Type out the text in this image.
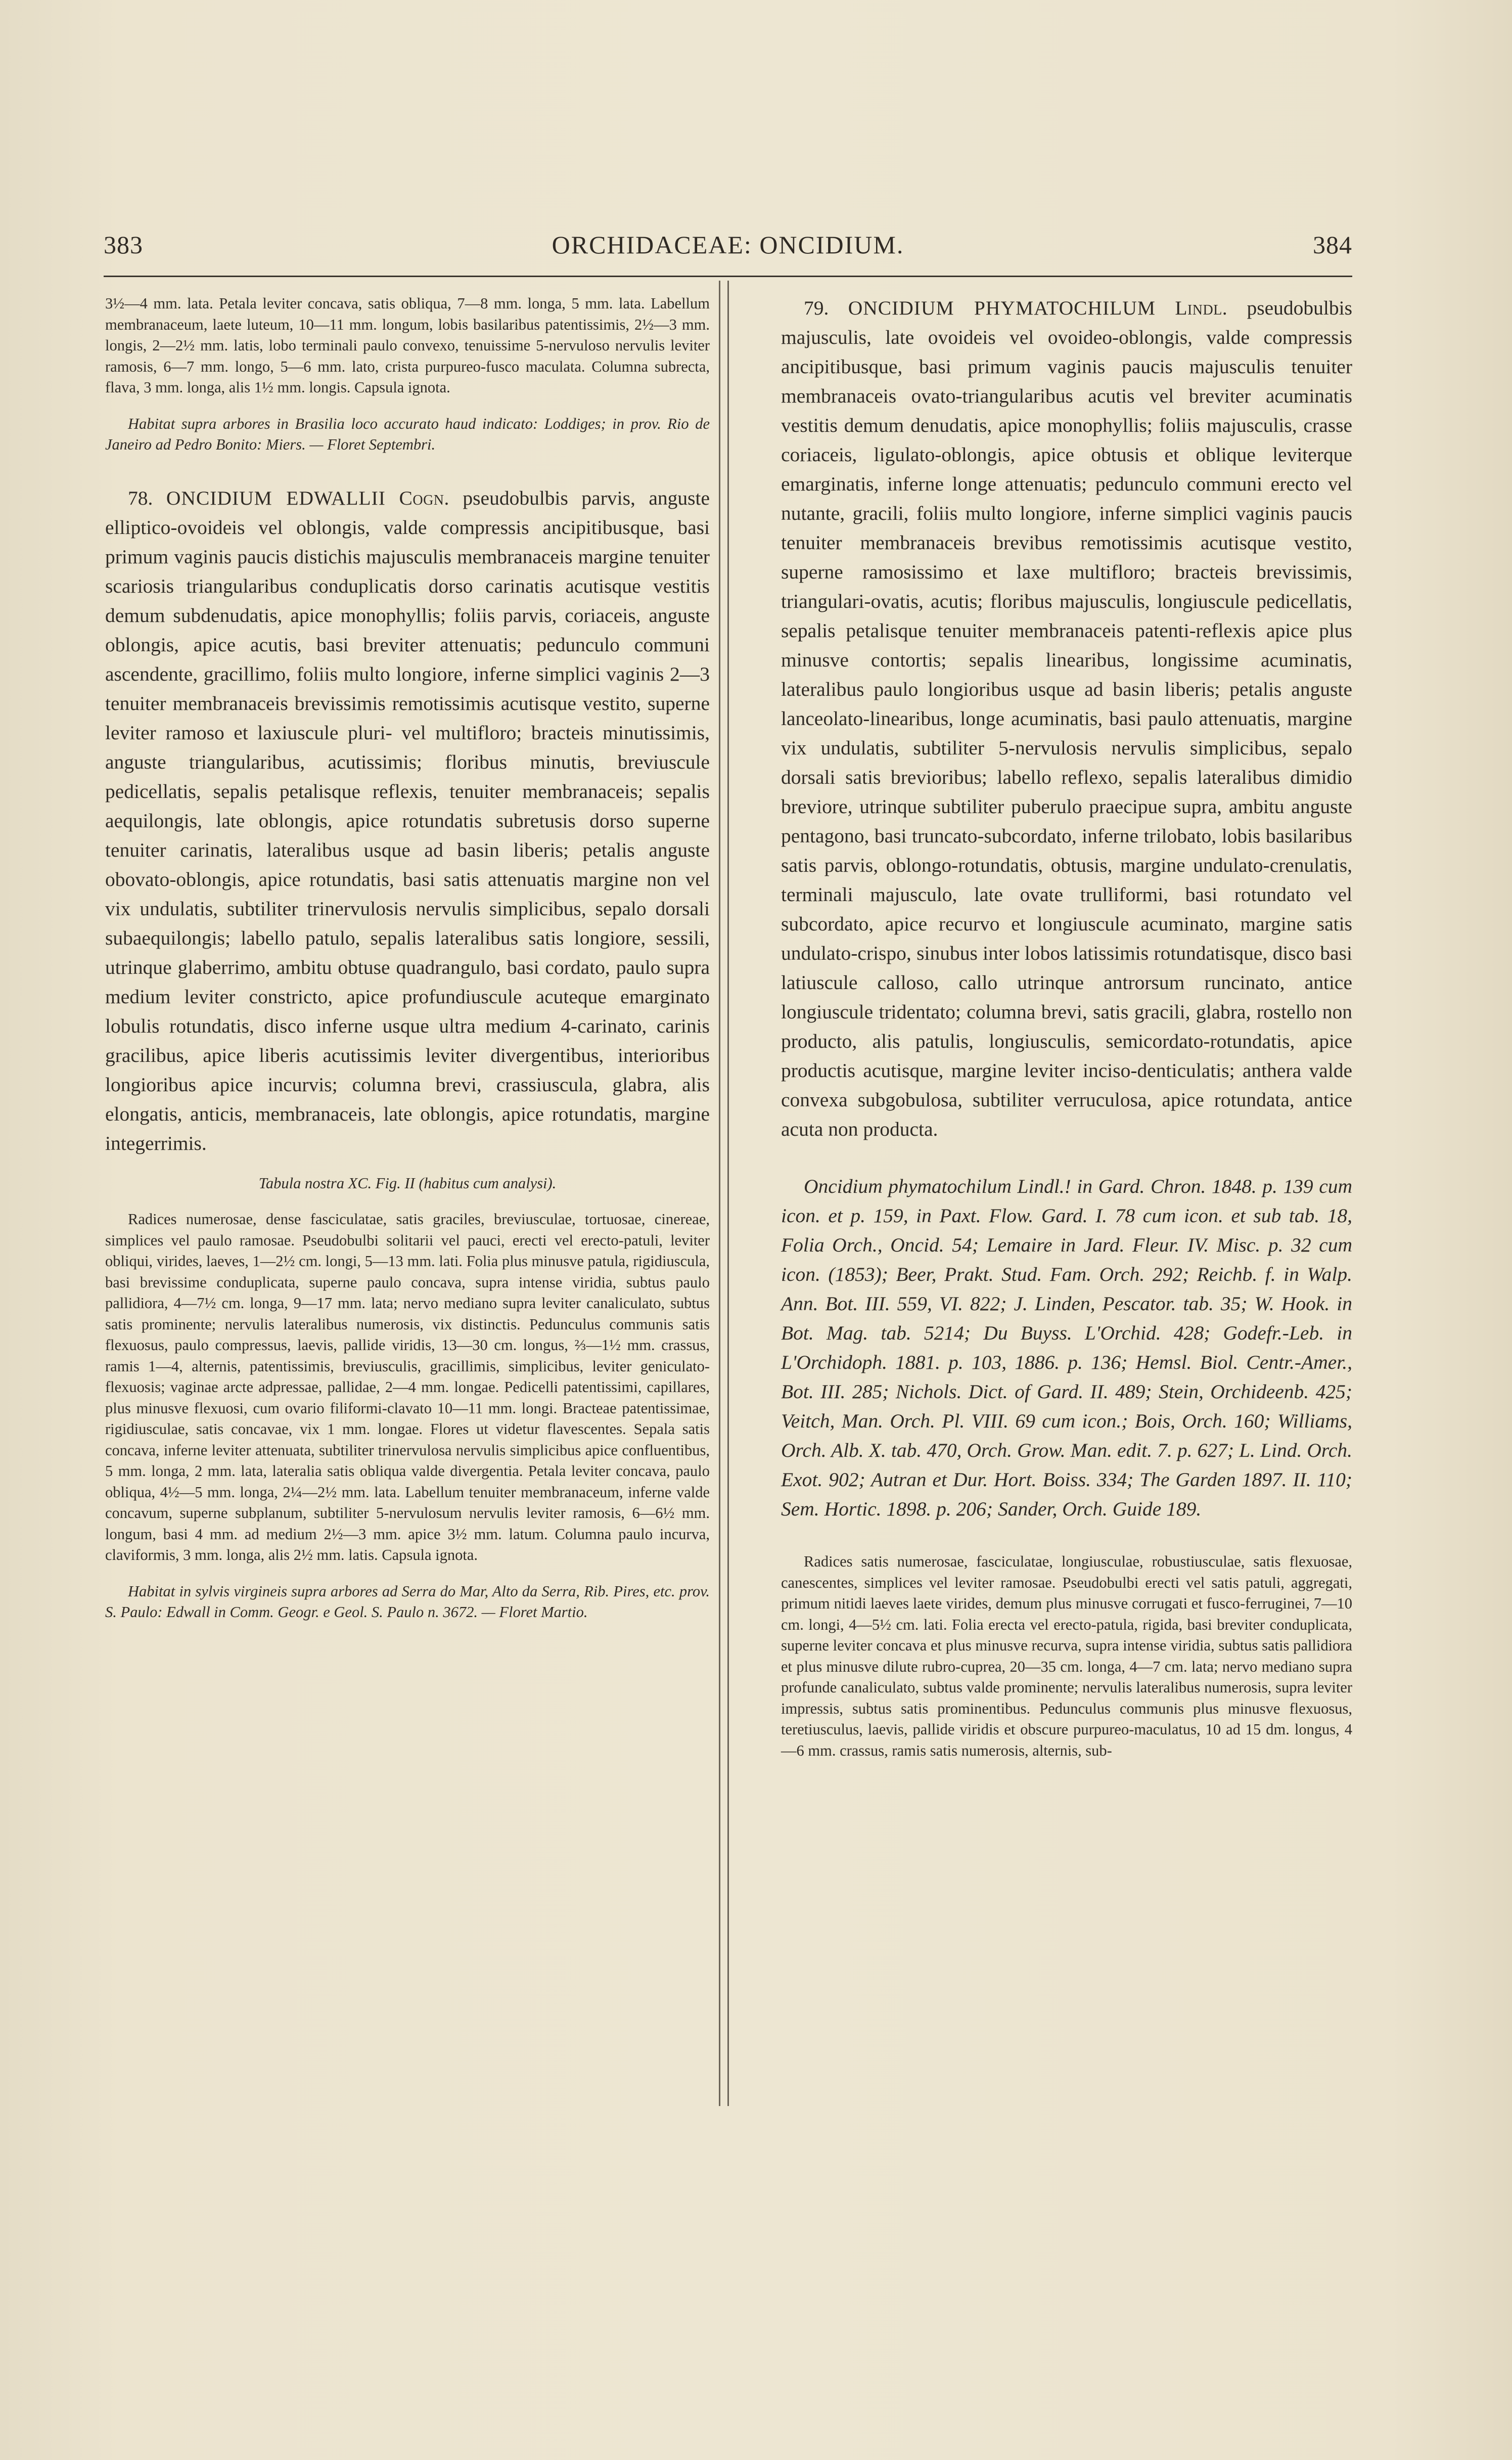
383	ORCHIDACEAE: ONCIDIUM.	384

3½—4 mm. lata. Petala leviter concava, satis obliqua, 7—8 mm. longa, 5 mm. lata. Labellum membranaceum, laete luteum, 10—11 mm. longum, lobis basilaribus patentissimis, 2½—3 mm. longis, 2—2½ mm. latis, lobo terminali paulo convexo, tenuissime 5-nervuloso nervulis leviter ramosis, 6—7 mm. longo, 5—6 mm. lato, crista purpureo-fusco maculata. Columna subrecta, flava, 3 mm. longa, alis 1½ mm. longis. Capsula ignota.

Habitat supra arbores in Brasilia loco accurato haud indicato: Loddiges; in prov. Rio de Janeiro ad Pedro Bonito: Miers. — Floret Septembri.

78. ONCIDIUM EDWALLII Cogn. pseudobulbis parvis, anguste elliptico-ovoideis vel oblongis, valde compressis ancipitibusque, basi primum vaginis paucis distichis majusculis membranaceis margine tenuiter scariosis triangularibus conduplicatis dorso carinatis acutisque vestitis demum subdenudatis, apice monophyllis; foliis parvis, coriaceis, anguste oblongis, apice acutis, basi breviter attenuatis; pedunculo communi ascendente, gracillimo, foliis multo longiore, inferne simplici vaginis 2—3 tenuiter membranaceis brevissimis remotissimis acutisque vestito, superne leviter ramoso et laxiuscule pluri- vel multifloro; bracteis minutissimis, anguste triangularibus, acutissimis; floribus minutis, breviuscule pedicellatis, sepalis petalisque reflexis, tenuiter membranaceis; sepalis aequilongis, late oblongis, apice rotundatis subretusis dorso superne tenuiter carinatis, lateralibus usque ad basin liberis; petalis anguste obovato-oblongis, apice rotundatis, basi satis attenuatis margine non vel vix undulatis, subtiliter trinervulosis nervulis simplicibus, sepalo dorsali subaequilongis; labello patulo, sepalis lateralibus satis longiore, sessili, utrinque glaberrimo, ambitu obtuse quadrangulo, basi cordato, paulo supra medium leviter constricto, apice profundiuscule acuteque emarginato lobulis rotundatis, disco inferne usque ultra medium 4-carinato, carinis gracilibus, apice liberis acutissimis leviter divergentibus, interioribus longioribus apice incurvis; columna brevi, crassiuscula, glabra, alis elongatis, anticis, membranaceis, late oblongis, apice rotundatis, margine integerrimis.

Tabula nostra XC. Fig. II (habitus cum analysi).

Radices numerosae, dense fasciculatae, satis graciles, breviusculae, tortuosae, cinereae, simplices vel paulo ramosae. Pseudobulbi solitarii vel pauci, erecti vel erecto-patuli, leviter obliqui, virides, laeves, 1—2½ cm. longi, 5—13 mm. lati. Folia plus minusve patula, rigidiuscula, basi brevissime conduplicata, superne paulo concava, supra intense viridia, subtus paulo pallidiora, 4—7½ cm. longa, 9—17 mm. lata; nervo mediano supra leviter canaliculato, subtus satis prominente; nervulis lateralibus numerosis, vix distinctis. Pedunculus communis satis flexuosus, paulo compressus, laevis, pallide viridis, 13—30 cm. longus, ⅔—1½ mm. crassus, ramis 1—4, alternis, patentissimis, breviusculis, gracillimis, simplicibus, leviter geniculato-flexuosis; vaginae arcte adpressae, pallidae, 2—4 mm. longae. Pedicelli patentissimi, capillares, plus minusve flexuosi, cum ovario filiformi-clavato 10—11 mm. longi. Bracteae patentissimae, rigidiusculae, satis concavae, vix 1 mm. longae. Flores ut videtur flavescentes. Sepala satis concava, inferne leviter attenuata, subtiliter trinervulosa nervulis simplicibus apice confluentibus, 5 mm. longa, 2 mm. lata, lateralia satis obliqua valde divergentia. Petala leviter concava, paulo obliqua, 4½—5 mm. longa, 2¼—2½ mm. lata. Labellum tenuiter membranaceum, inferne valde concavum, superne subplanum, subtiliter 5-nervulosum nervulis leviter ramosis, 6—6½ mm. longum, basi 4 mm. ad medium 2½—3 mm. apice 3½ mm. latum. Columna paulo incurva, claviformis, 3 mm. longa, alis 2½ mm. latis. Capsula ignota.

Habitat in sylvis virgineis supra arbores ad Serra do Mar, Alto da Serra, Rib. Pires, etc. prov. S. Paulo: Edwall in Comm. Geogr. e Geol. S. Paulo n. 3672. — Floret Martio.

79. ONCIDIUM PHYMATOCHILUM Lindl. pseudobulbis majusculis, late ovoideis vel ovoideo-oblongis, valde compressis ancipitibusque, basi primum vaginis paucis majusculis tenuiter membranaceis ovato-triangularibus acutis vel breviter acuminatis vestitis demum denudatis, apice monophyllis; foliis majusculis, crasse coriaceis, ligulato-oblongis, apice obtusis et oblique leviterque emarginatis, inferne longe attenuatis; pedunculo communi erecto vel nutante, gracili, foliis multo longiore, inferne simplici vaginis paucis tenuiter membranaceis brevibus remotissimis acutisque vestito, superne ramosissimo et laxe multifloro; bracteis brevissimis, triangulari-ovatis, acutis; floribus majusculis, longiuscule pedicellatis, sepalis petalisque tenuiter membranaceis patenti-reflexis apice plus minusve contortis; sepalis linearibus, longissime acuminatis, lateralibus paulo longioribus usque ad basin liberis; petalis anguste lanceolato-linearibus, longe acuminatis, basi paulo attenuatis, margine vix undulatis, subtiliter 5-nervulosis nervulis simplicibus, sepalo dorsali satis brevioribus; labello reflexo, sepalis lateralibus dimidio breviore, utrinque subtiliter puberulo praecipue supra, ambitu anguste pentagono, basi truncato-subcordato, inferne trilobato, lobis basilaribus satis parvis, oblongo-rotundatis, obtusis, margine undulato-crenulatis, terminali majusculo, late ovate trulliformi, basi rotundato vel subcordato, apice recurvo et longiuscule acuminato, margine satis undulato-crispo, sinubus inter lobos latissimis rotundatisque, disco basi latiuscule calloso, callo utrinque antrorsum runcinato, antice longiuscule tridentato; columna brevi, satis gracili, glabra, rostello non producto, alis patulis, longiusculis, semicordato-rotundatis, apice productis acutisque, margine leviter inciso-denticulatis; anthera valde convexa subgobulosa, subtiliter verruculosa, apice rotundata, antice acuta non producta.

Oncidium phymatochilum Lindl.! in Gard. Chron. 1848. p. 139 cum icon. et p. 159, in Paxt. Flow. Gard. I. 78 cum icon. et sub tab. 18, Folia Orch., Oncid. 54; Lemaire in Jard. Fleur. IV. Misc. p. 32 cum icon. (1853); Beer, Prakt. Stud. Fam. Orch. 292; Reichb. f. in Walp. Ann. Bot. III. 559, VI. 822; J. Linden, Pescator. tab. 35; W. Hook. in Bot. Mag. tab. 5214; Du Buyss. L'Orchid. 428; Godefr.-Leb. in L'Orchidoph. 1881. p. 103, 1886. p. 136; Hemsl. Biol. Centr.-Amer., Bot. III. 285; Nichols. Dict. of Gard. II. 489; Stein, Orchideenb. 425; Veitch, Man. Orch. Pl. VIII. 69 cum icon.; Bois, Orch. 160; Williams, Orch. Alb. X. tab. 470, Orch. Grow. Man. edit. 7. p. 627; L. Lind. Orch. Exot. 902; Autran et Dur. Hort. Boiss. 334; The Garden 1897. II. 110; Sem. Hortic. 1898. p. 206; Sander, Orch. Guide 189.

Radices satis numerosae, fasciculatae, longiusculae, robustiusculae, satis flexuosae, canescentes, simplices vel leviter ramosae. Pseudobulbi erecti vel satis patuli, aggregati, primum nitidi laeves laete virides, demum plus minusve corrugati et fusco-ferruginei, 7—10 cm. longi, 4—5½ cm. lati. Folia erecta vel erecto-patula, rigida, basi breviter conduplicata, superne leviter concava et plus minusve recurva, supra intense viridia, subtus satis pallidiora et plus minusve dilute rubro-cuprea, 20—35 cm. longa, 4—7 cm. lata; nervo mediano supra profunde canaliculato, subtus valde prominente; nervulis lateralibus numerosis, supra leviter impressis, subtus satis prominentibus. Pedunculus communis plus minusve flexuosus, teretiusculus, laevis, pallide viridis et obscure purpureo-maculatus, 10 ad 15 dm. longus, 4—6 mm. crassus, ramis satis numerosis, alternis, sub-
